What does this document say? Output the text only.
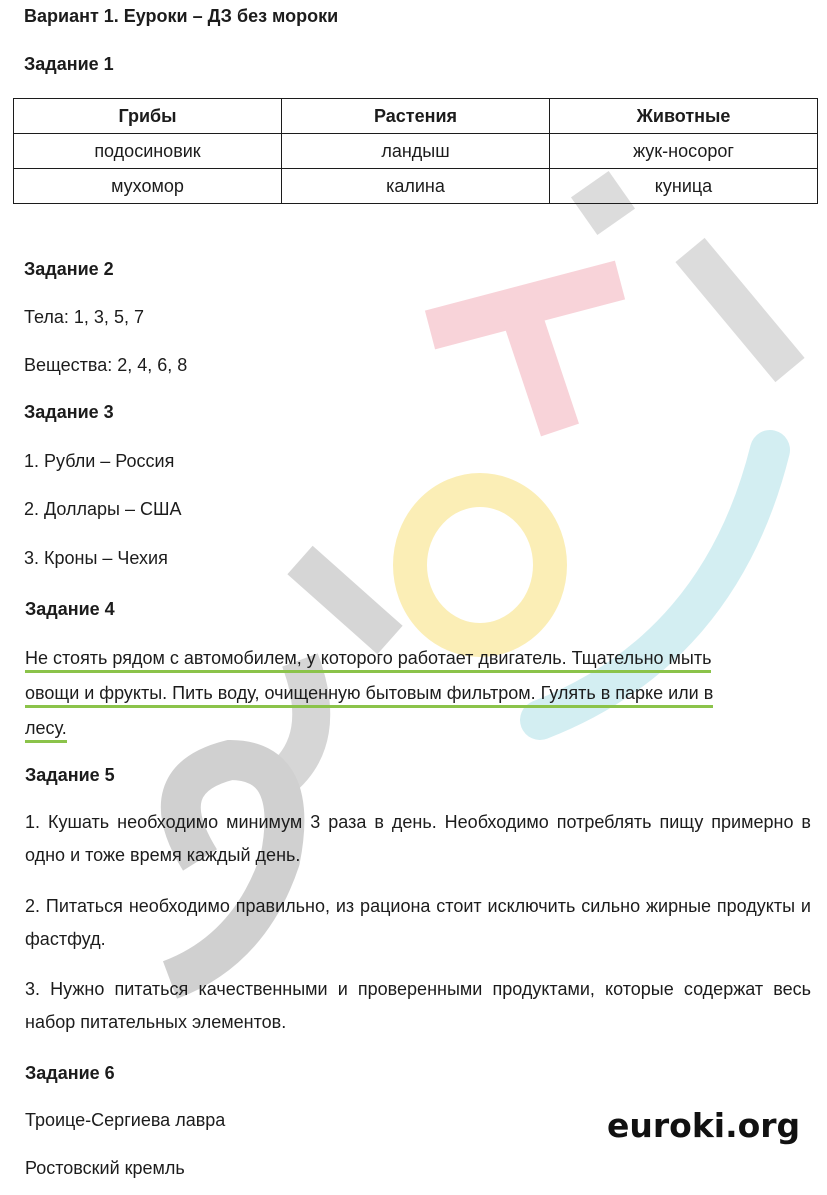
Вариант 1. Еуроки – ДЗ без мороки
Задание 1
Грибы	Растения	Животные
подосиновик	ландыш	жук-носорог
мухомор	калина	куница
Задание 2
Тела: 1, 3, 5, 7
Вещества: 2, 4, 6, 8
Задание 3
1. Рубли – Россия
2. Доллары – США
3. Кроны – Чехия
Задание 4
Не стоять рядом с автомобилем, у которого работает двигатель. Тщательно мыть
овощи и фрукты. Пить воду, очищенную бытовым фильтром. Гулять в парке или в
лесу.
Задание 5
1. Кушать необходимо минимум 3 раза в день. Необходимо потреблять пищу примерно в одно и тоже время каждый день.
2. Питаться необходимо правильно, из рациона стоит исключить сильно жирные продукты и фастфуд.
3. Нужно питаться качественными и проверенными продуктами, которые содержат весь набор питательных элементов.
Задание 6
Троице-Сергиева лавра
Ростовский кремль
euroki.org
